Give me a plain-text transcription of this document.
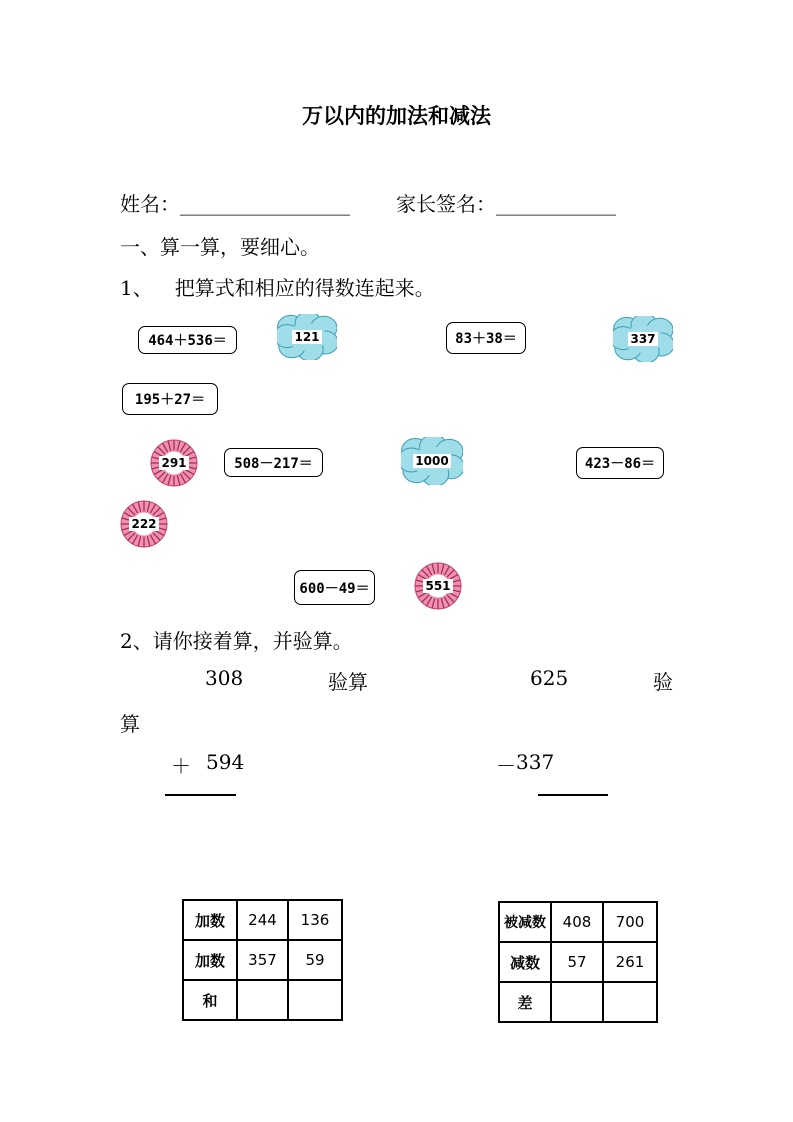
万以内的加法和减法
姓名：_________________ 家长签名：____________
一、算一算，要细心。
1、 把算式和相应的得数连起来。
464＋536＝	83＋38＝
195＋27＝
508－217＝	423－86＝
600－49＝
121	337
291	1000
222
551
2、请你接着算，并验算。
308	验算	625	验
算
＋ 594	－ 337
加数	244	136
加数	357	59
和		
被减数	408	700
减数	57	261
差		
